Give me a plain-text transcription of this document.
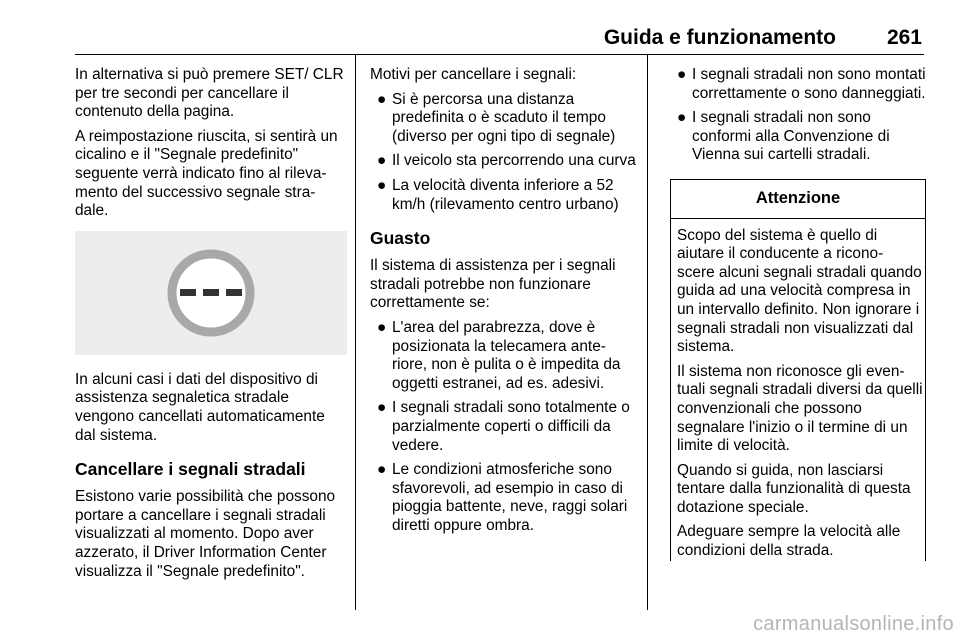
Guida e funzionamento 261

In alternativa si può premere SET/ CLR per tre secondi per cancellare il contenuto della pagina.

A reimpostazione riuscita, si sentirà un cicalino e il "Segnale predefinito" seguente verrà indicato fino al rileva- mento del successivo segnale stra- dale.

In alcuni casi i dati del dispositivo di assistenza segnaletica stradale vengono cancellati automaticamente dal sistema.

Cancellare i segnali stradali

Esistono varie possibilità che possono portare a cancellare i segnali stradali visualizzati al momento. Dopo aver azzerato, il Driver Information Center visualizza il "Segnale predefinito".

Motivi per cancellare i segnali:

● Si è percorsa una distanza predefinita o è scaduto il tempo (diverso per ogni tipo di segnale)
● Il veicolo sta percorrendo una curva
● La velocità diventa inferiore a 52 km/h (rilevamento centro urbano)
Guasto

Il sistema di assistenza per i segnali stradali potrebbe non funzionare correttamente se:

● L'area del parabrezza, dove è posizionata la telecamera ante- riore, non è pulita o è impedita da oggetti estranei, ad es. adesivi.
● I segnali stradali sono totalmente o parzialmente coperti o difficili da vedere.
● Le condizioni atmosferiche sono sfavorevoli, ad esempio in caso di pioggia battente, neve, raggi solari diretti oppure ombra.
● I segnali stradali non sono montati correttamente o sono danneggiati.
● I segnali stradali non sono conformi alla Convenzione di Vienna sui cartelli stradali.
Attenzione

Scopo del sistema è quello di aiutare il conducente a ricono- scere alcuni segnali stradali quando guida ad una velocità compresa in un intervallo definito. Non ignorare i segnali stradali non visualizzati dal sistema.

Il sistema non riconosce gli even- tuali segnali stradali diversi da quelli convenzionali che possono segnalare l'inizio o il termine di un limite di velocità.

Quando si guida, non lasciarsi tentare dalla funzionalità di questa dotazione speciale.

Adeguare sempre la velocità alle condizioni della strada.

carmanualsonline.info
